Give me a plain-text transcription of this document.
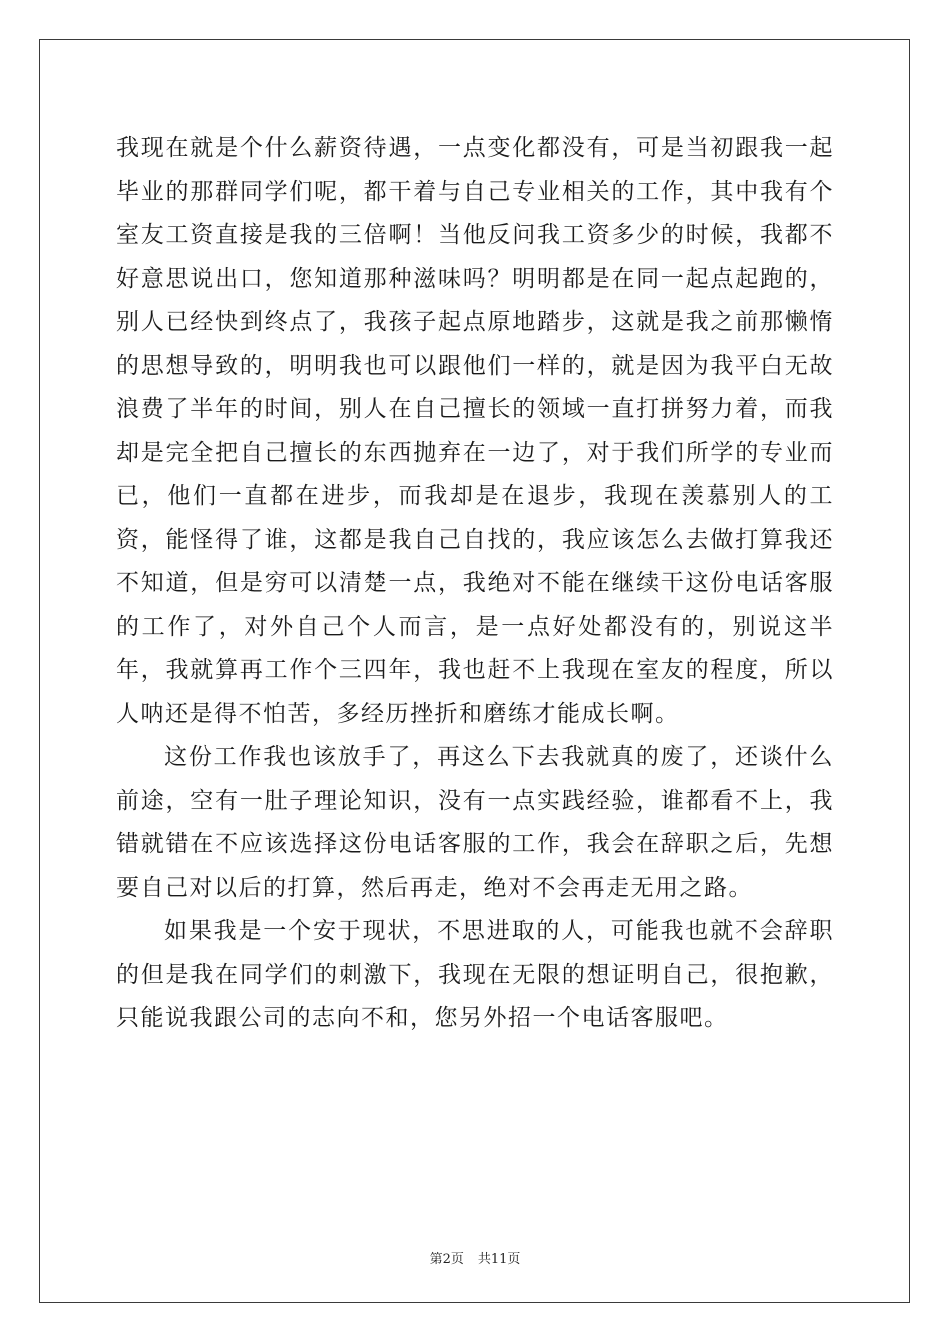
我现在就是个什么薪资待遇，一点变化都没有，可是当初跟我一起毕业的那群同学们呢，都干着与自己专业相关的工作，其中我有个室友工资直接是我的三倍啊！当他反问我工资多少的时候，我都不好意思说出口，您知道那种滋味吗？明明都是在同一起点起跑的，别人已经快到终点了，我孩子起点原地踏步，这就是我之前那懒惰的思想导致的，明明我也可以跟他们一样的，就是因为我平白无故浪费了半年的时间，别人在自己擅长的领域一直打拼努力着，而我却是完全把自己擅长的东西抛弃在一边了，对于我们所学的专业而已，他们一直都在进步，而我却是在退步，我现在羡慕别人的工资，能怪得了谁，这都是我自己自找的，我应该怎么去做打算我还不知道，但是穷可以清楚一点，我绝对不能在继续干这份电话客服的工作了，对外自己个人而言，是一点好处都没有的，别说这半年，我就算再工作个三四年，我也赶不上我现在室友的程度，所以人呐还是得不怕苦，多经历挫折和磨练才能成长啊。

这份工作我也该放手了，再这么下去我就真的废了，还谈什么前途，空有一肚子理论知识，没有一点实践经验，谁都看不上，我错就错在不应该选择这份电话客服的工作，我会在辞职之后，先想要自己对以后的打算，然后再走，绝对不会再走无用之路。

如果我是一个安于现状，不思进取的人，可能我也就不会辞职的但是我在同学们的刺激下，我现在无限的想证明自己，很抱歉，只能说我跟公司的志向不和，您另外招一个电话客服吧。

第2页 共11页
